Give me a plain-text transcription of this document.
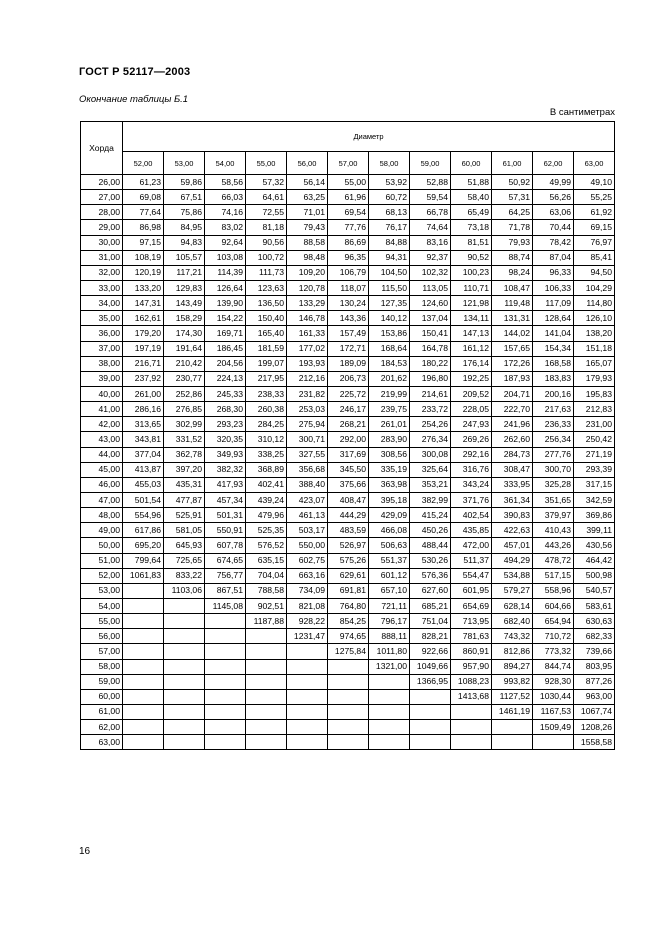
ГОСТ Р 52117—2003
Окончание таблицы Б.1
В сантиметрах
Хорда	Диаметр											
	52,00	53,00	54,00	55,00	56,00	57,00	58,00	59,00	60,00	61,00	62,00	63,00
26,00	61,23	59,86	58,56	57,32	56,14	55,00	53,92	52,88	51,88	50,92	49,99	49,10
27,00	69,08	67,51	66,03	64,61	63,25	61,96	60,72	59,54	58,40	57,31	56,26	55,25
28,00	77,64	75,86	74,16	72,55	71,01	69,54	68,13	66,78	65,49	64,25	63,06	61,92
29,00	86,98	84,95	83,02	81,18	79,43	77,76	76,17	74,64	73,18	71,78	70,44	69,15
30,00	97,15	94,83	92,64	90,56	88,58	86,69	84,88	83,16	81,51	79,93	78,42	76,97
31,00	108,19	105,57	103,08	100,72	98,48	96,35	94,31	92,37	90,52	88,74	87,04	85,41
32,00	120,19	117,21	114,39	111,73	109,20	106,79	104,50	102,32	100,23	98,24	96,33	94,50
33,00	133,20	129,83	126,64	123,63	120,78	118,07	115,50	113,05	110,71	108,47	106,33	104,29
34,00	147,31	143,49	139,90	136,50	133,29	130,24	127,35	124,60	121,98	119,48	117,09	114,80
35,00	162,61	158,29	154,22	150,40	146,78	143,36	140,12	137,04	134,11	131,31	128,64	126,10
36,00	179,20	174,30	169,71	165,40	161,33	157,49	153,86	150,41	147,13	144,02	141,04	138,20
37,00	197,19	191,64	186,45	181,59	177,02	172,71	168,64	164,78	161,12	157,65	154,34	151,18
38,00	216,71	210,42	204,56	199,07	193,93	189,09	184,53	180,22	176,14	172,26	168,58	165,07
39,00	237,92	230,77	224,13	217,95	212,16	206,73	201,62	196,80	192,25	187,93	183,83	179,93
40,00	261,00	252,86	245,33	238,33	231,82	225,72	219,99	214,61	209,52	204,71	200,16	195,83
41,00	286,16	276,85	268,30	260,38	253,03	246,17	239,75	233,72	228,05	222,70	217,63	212,83
42,00	313,65	302,99	293,23	284,25	275,94	268,21	261,01	254,26	247,93	241,96	236,33	231,00
43,00	343,81	331,52	320,35	310,12	300,71	292,00	283,90	276,34	269,26	262,60	256,34	250,42
44,00	377,04	362,78	349,93	338,25	327,55	317,69	308,56	300,08	292,16	284,73	277,76	271,19
45,00	413,87	397,20	382,32	368,89	356,68	345,50	335,19	325,64	316,76	308,47	300,70	293,39
46,00	455,03	435,31	417,93	402,41	388,40	375,66	363,98	353,21	343,24	333,95	325,28	317,15
47,00	501,54	477,87	457,34	439,24	423,07	408,47	395,18	382,99	371,76	361,34	351,65	342,59
48,00	554,96	525,91	501,31	479,96	461,13	444,29	429,09	415,24	402,54	390,83	379,97	369,86
49,00	617,86	581,05	550,91	525,35	503,17	483,59	466,08	450,26	435,85	422,63	410,43	399,11
50,00	695,20	645,93	607,78	576,52	550,00	526,97	506,63	488,44	472,00	457,01	443,26	430,56
51,00	799,64	725,65	674,65	635,15	602,75	575,26	551,37	530,26	511,37	494,29	478,72	464,42
52,00	1061,83	833,22	756,77	704,04	663,16	629,61	601,12	576,36	554,47	534,88	517,15	500,98
53,00		1103,06	867,51	788,58	734,09	691,81	657,10	627,60	601,95	579,27	558,96	540,57
54,00			1145,08	902,51	821,08	764,80	721,11	685,21	654,69	628,14	604,66	583,61
55,00				1187,88	928,22	854,25	796,17	751,04	713,95	682,40	654,94	630,63
56,00					1231,47	974,65	888,11	828,21	781,63	743,32	710,72	682,33
57,00						1275,84	1011,80	922,66	860,91	812,86	773,32	739,66
58,00							1321,00	1049,66	957,90	894,27	844,74	803,95
59,00								1366,95	1088,23	993,82	928,30	877,26
60,00									1413,68	1127,52	1030,44	963,00
61,00										1461,19	1167,53	1067,74
62,00											1509,49	1208,26
63,00												1558,58
16
